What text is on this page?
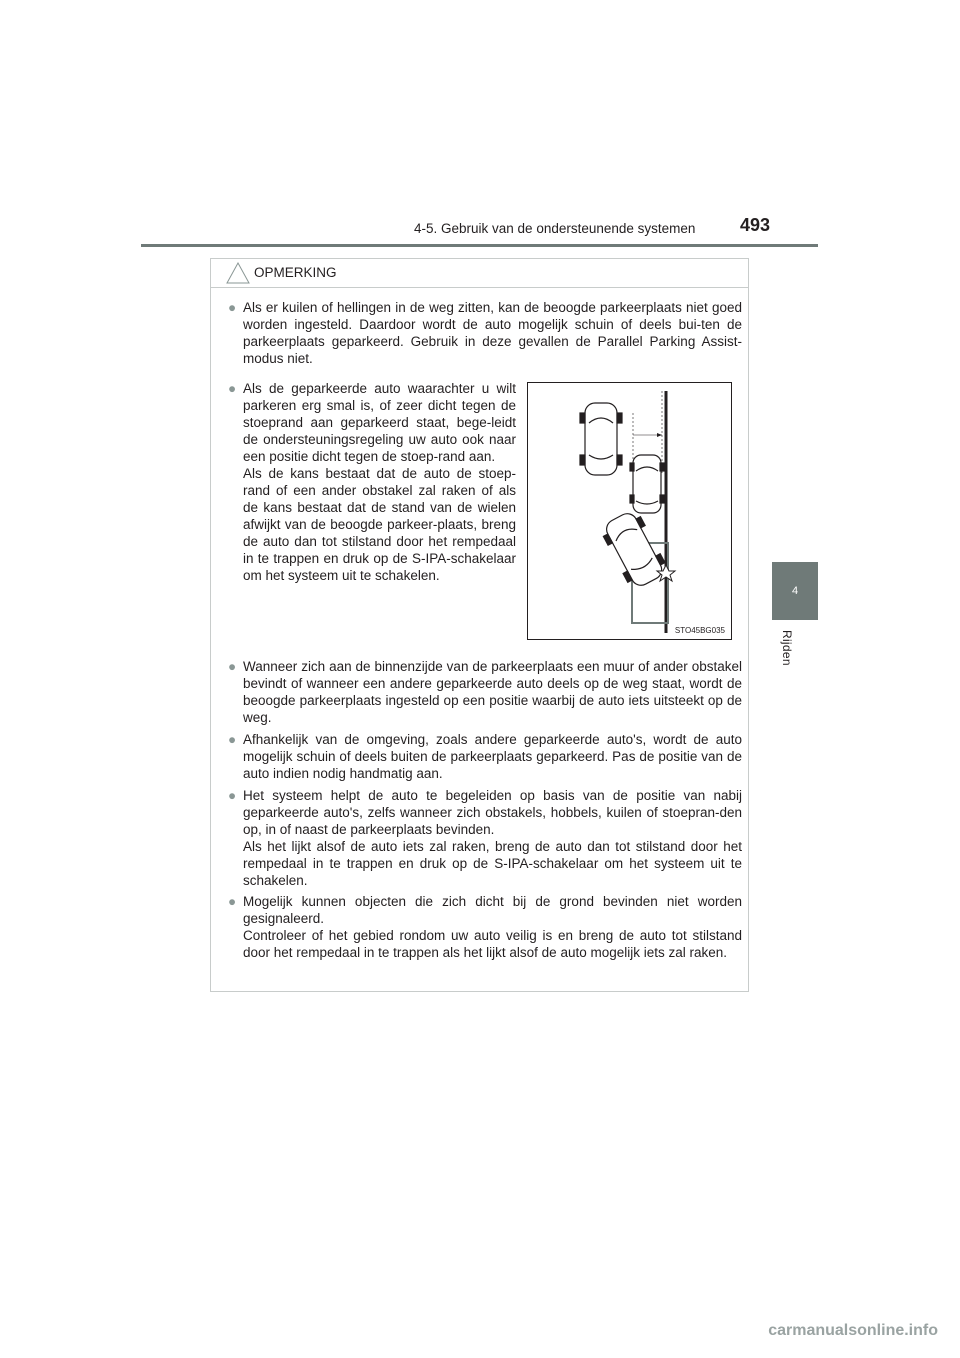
4-5. Gebruik van de ondersteunende systemen 493
4
Rijden
OPMERKING
● Als er kuilen of hellingen in de weg zitten, kan de beoogde parkeerplaats niet goed worden ingesteld. Daardoor wordt de auto mogelijk schuin of deels bui-ten de parkeerplaats geparkeerd. Gebruik in deze gevallen de Parallel Parking Assist-modus niet.
● Als de geparkeerde auto waarachter u wilt parkeren erg smal is, of zeer dicht tegen de stoeprand aan geparkeerd staat, bege-leidt de ondersteuningsregeling uw auto ook naar een positie dicht tegen de stoep-rand aan.
Als de kans bestaat dat de auto de stoep-rand of een ander obstakel zal raken of als de kans bestaat dat de stand van de wielen afwijkt van de beoogde parkeer-plaats, breng de auto dan tot stilstand door het rempedaal in te trappen en druk op de S-IPA-schakelaar om het systeem uit te schakelen.
STO45BG035
● Wanneer zich aan de binnenzijde van de parkeerplaats een muur of ander obstakel bevindt of wanneer een andere geparkeerde auto deels op de weg staat, wordt de beoogde parkeerplaats ingesteld op een positie waarbij de auto iets uitsteekt op de weg.
● Afhankelijk van de omgeving, zoals andere geparkeerde auto's, wordt de auto mogelijk schuin of deels buiten de parkeerplaats geparkeerd. Pas de positie van de auto indien nodig handmatig aan.
● Het systeem helpt de auto te begeleiden op basis van de positie van nabij geparkeerde auto's, zelfs wanneer zich obstakels, hobbels, kuilen of stoepran-den op, in of naast de parkeerplaats bevinden.
Als het lijkt alsof de auto iets zal raken, breng de auto dan tot stilstand door het rempedaal in te trappen en druk op de S-IPA-schakelaar om het systeem uit te schakelen.
● Mogelijk kunnen objecten die zich dicht bij de grond bevinden niet worden gesignaleerd.
Controleer of het gebied rondom uw auto veilig is en breng de auto tot stilstand door het rempedaal in te trappen als het lijkt alsof de auto mogelijk iets zal raken.
carmanualsonline.info
